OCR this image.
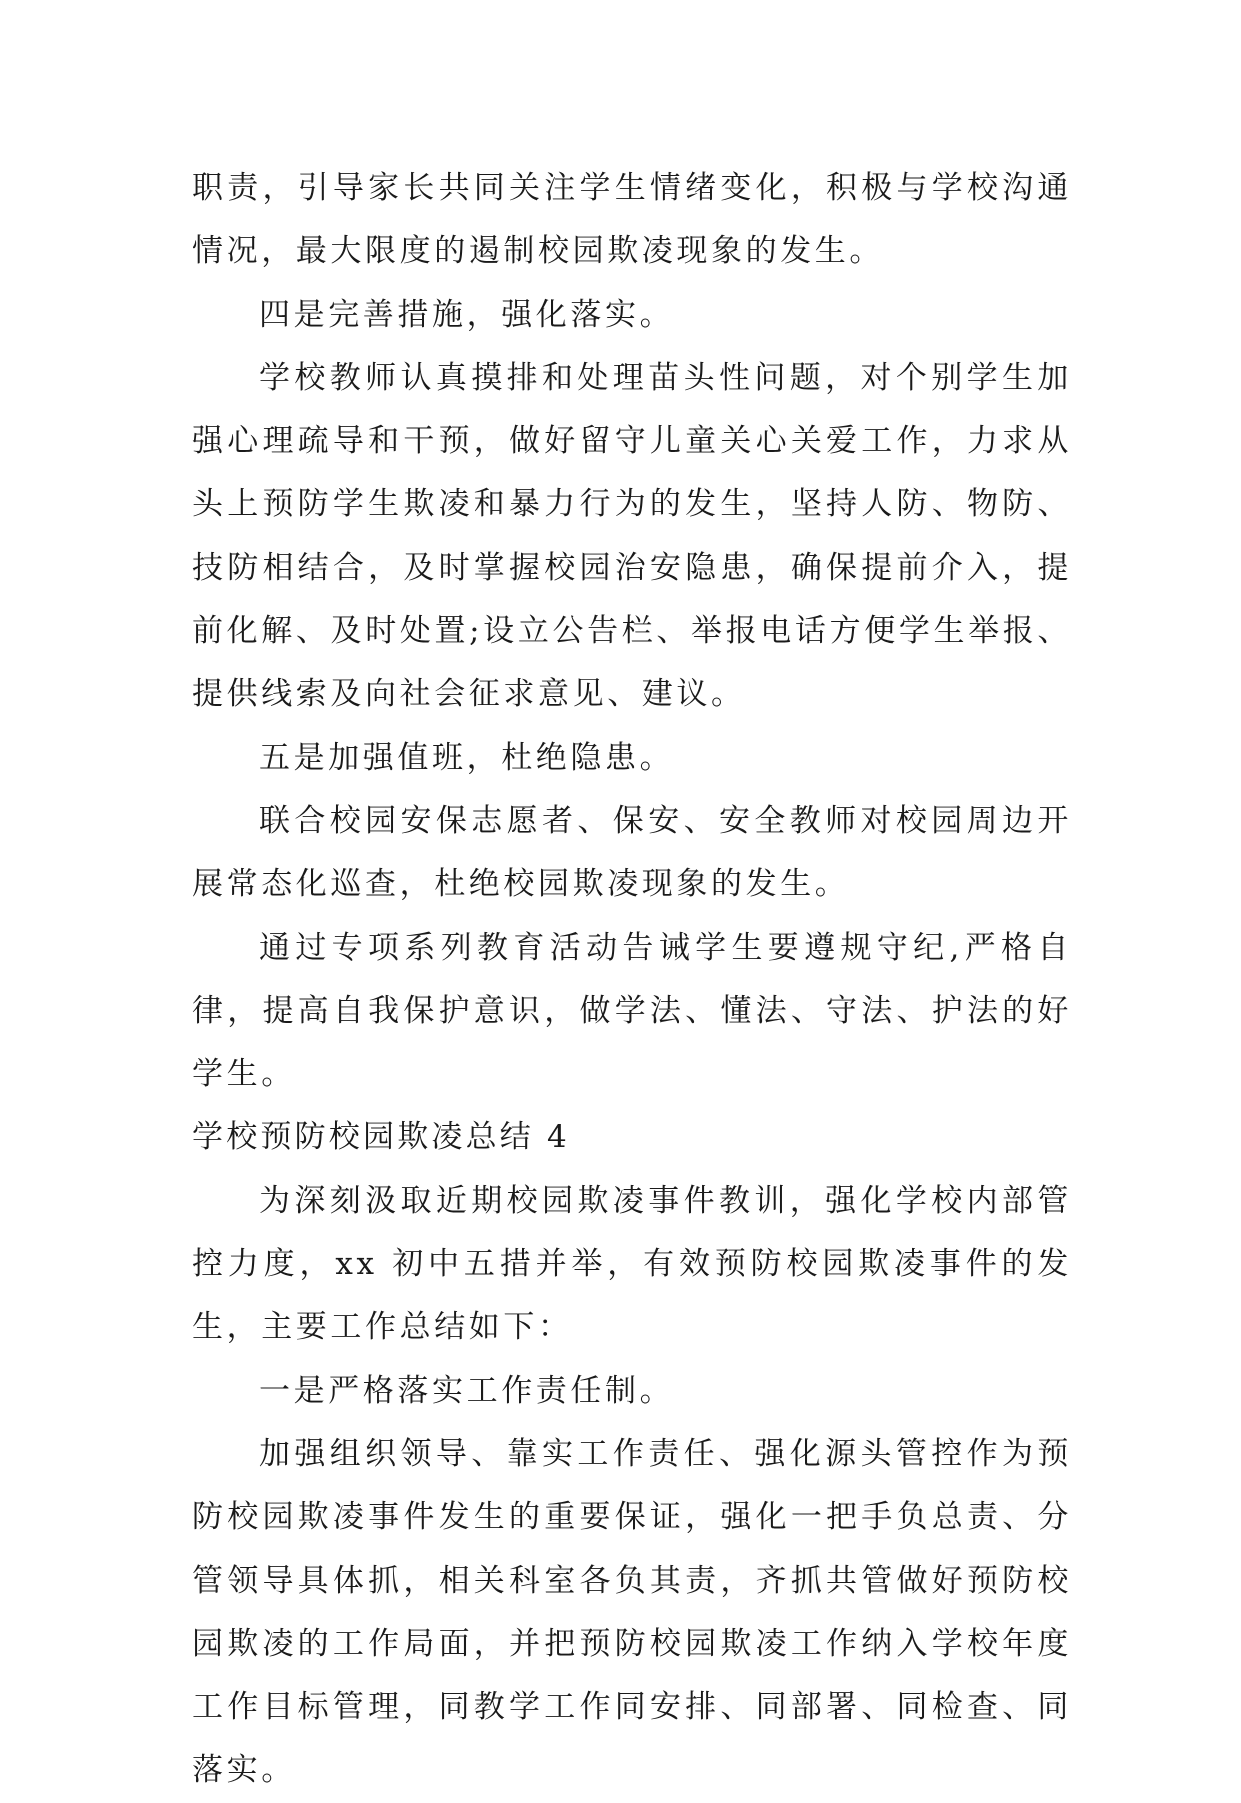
职责，引导家长共同关注学生情绪变化，积极与学校沟通情况，最大限度的遏制校园欺凌现象的发生。

四是完善措施，强化落实。

学校教师认真摸排和处理苗头性问题，对个别学生加强心理疏导和干预，做好留守儿童关心关爱工作，力求从头上预防学生欺凌和暴力行为的发生，坚持人防、物防、技防相结合，及时掌握校园治安隐患，确保提前介入，提前化解、及时处置;设立公告栏、举报电话方便学生举报、提供线索及向社会征求意见、建议。

五是加强值班，杜绝隐患。

联合校园安保志愿者、保安、安全教师对校园周边开展常态化巡查，杜绝校园欺凌现象的发生。

通过专项系列教育活动告诫学生要遵规守纪,严格自律，提高自我保护意识，做学法、懂法、守法、护法的好学生。

学校预防校园欺凌总结 4

为深刻汲取近期校园欺凌事件教训，强化学校内部管控力度，xx 初中五措并举，有效预防校园欺凌事件的发生，主要工作总结如下：

一是严格落实工作责任制。

加强组织领导、靠实工作责任、强化源头管控作为预防校园欺凌事件发生的重要保证，强化一把手负总责、分管领导具体抓，相关科室各负其责，齐抓共管做好预防校园欺凌的工作局面，并把预防校园欺凌工作纳入学校年度工作目标管理，同教学工作同安排、同部署、同检查、同落实。
